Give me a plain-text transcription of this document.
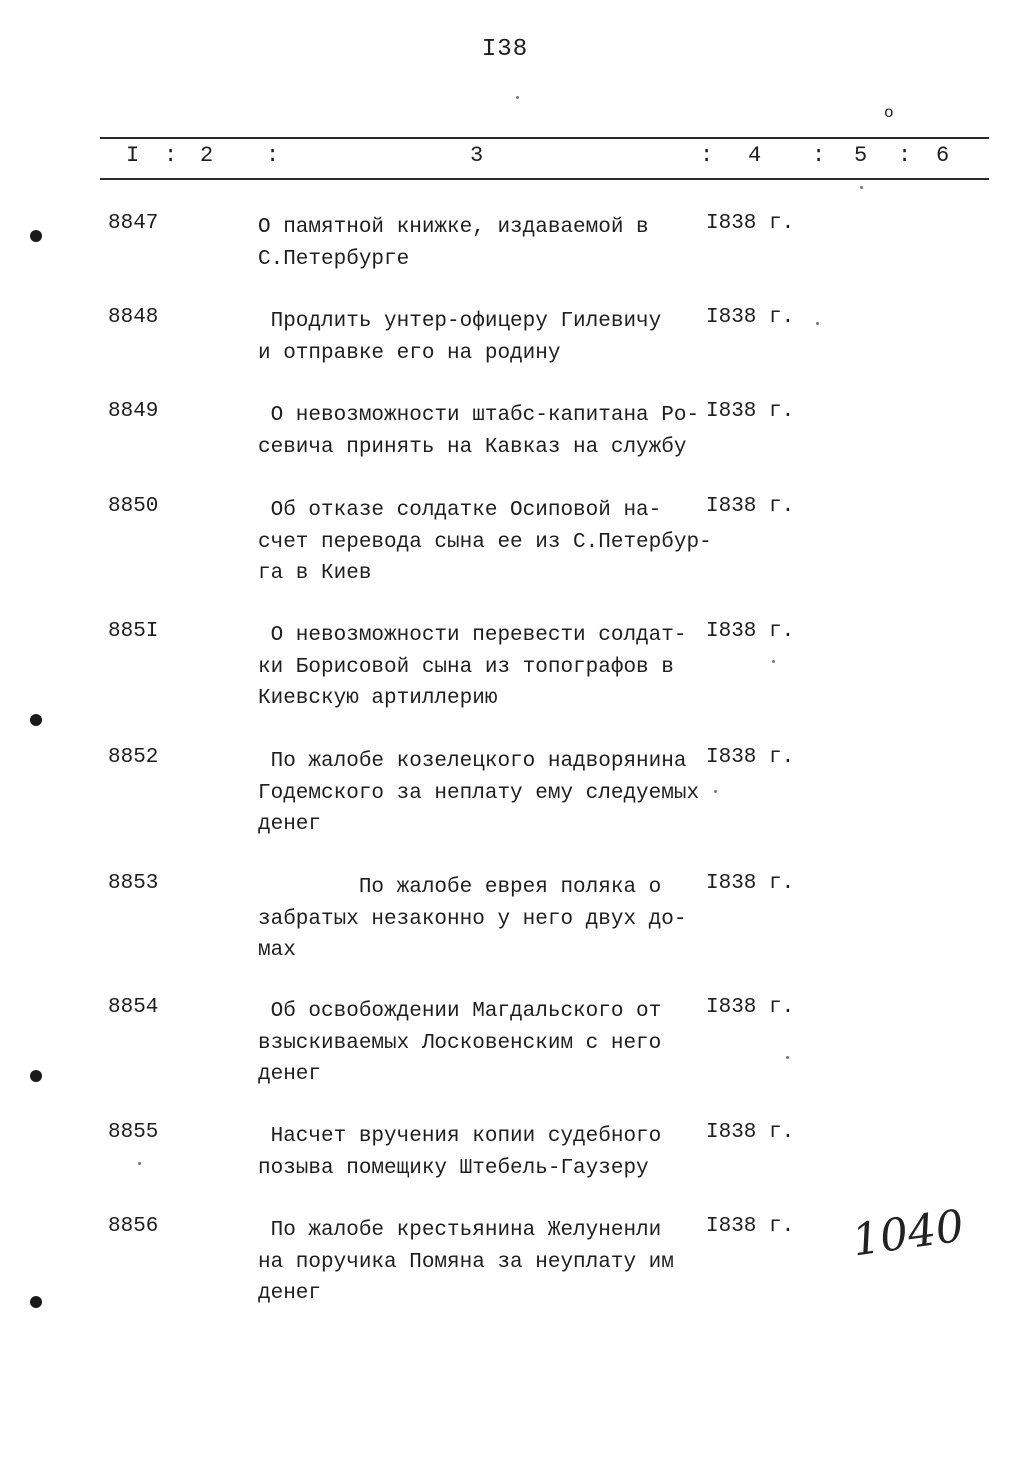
I38
o
I : 2 :	3	: 4 : 5 : 6
8847	О памятной книжке, издаваемой в
С.Петербурге
I838 г.
8848	Продлить унтер-офицеру Гилевичу
и отправке его на родину
I838 г.
8849	О невозможности штабс-капитана Ро-
севича принять на Кавказ на службу
I838 г.
8850	Об отказе солдатке Осиповой на-
счет перевода сына ее из С.Петербур-
га в Киев
I838 г.
885I	О невозможности перевести солдат-
ки Борисовой сына из топографов в
Киевскую артиллерию
I838 г.
8852	По жалобе козелецкого надворянина
Годемского за неплату ему следуемых
денег
I838 г.
8853	По жалобе еврея поляка о
забратых незаконно у него двух до-
мах
I838 г.
8854	Об освобождении Магдальского от
взыскиваемых Лосковенским с него
денег
I838 г.
8855	Насчет вручения копии судебного
позыва помещику Штебель-Гаузеру
I838 г.
8856	По жалобе крестьянина Желуненли
на поручика Помяна за неуплату им
денег
I838 г. 1040
